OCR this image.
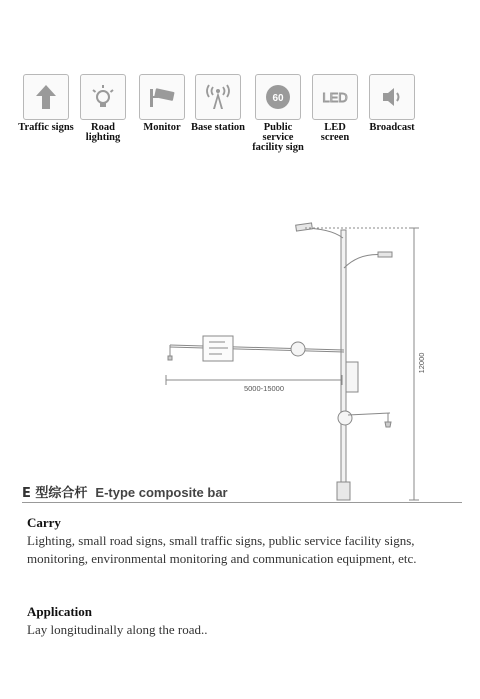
Traffic signs	Road lighting
Monitor Base station
60
Public service
facility sign
LED
LED
screen
Broadcast
5000-15000
12000
E 型综合杆 E-type composite bar
Carry

Lighting, small road signs, small traffic signs, public service facility signs, monitoring, environmental monitoring and communication equipment, etc.

Application

Lay longitudinally along the road..
